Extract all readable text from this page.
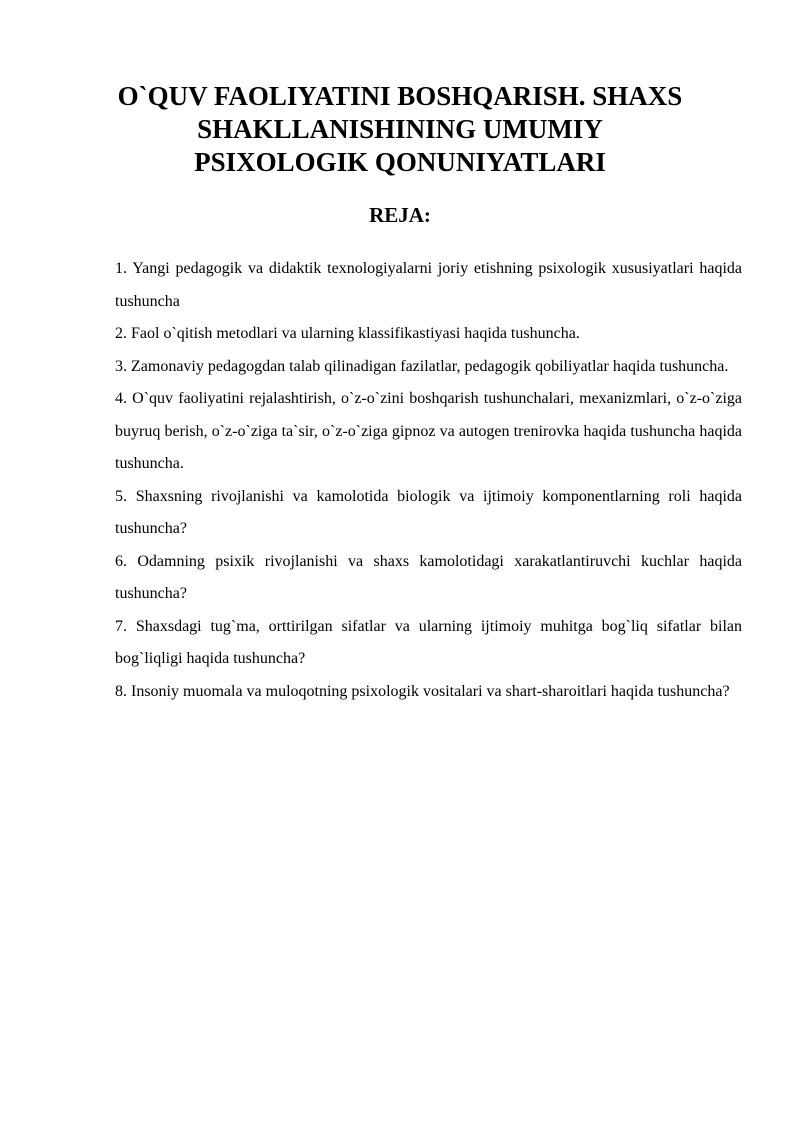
O`QUV FAOLIYATINI BOSHQARISH. SHAXS
SHAKLLANISHINING UMUMIY
PSIXOLOGIK QONUNIYATLARI
REJA:
1. Yangi pedagogik va didaktik texnologiyalarni joriy etishning psixologik xususiyatlari haqida tushuncha
2. Faol o`qitish metodlari va ularning klassifikastiyasi haqida tushuncha.
3. Zamonaviy pedagogdan talab qilinadigan fazilatlar, pedagogik qobiliyatlar haqida tushuncha.
4. O`quv faoliyatini rejalashtirish, o`z-o`zini boshqarish tushunchalari, mexanizmlari, o`z-o`ziga buyruq berish, o`z-o`ziga ta`sir, o`z-o`ziga gipnoz va autogen trenirovka haqida tushuncha haqida tushuncha.
5. Shaxsning rivojlanishi va kamolotida biologik va ijtimoiy komponentlarning roli haqida tushuncha?
6. Odamning psixik rivojlanishi va shaxs kamolotidagi xarakatlantiruvchi kuchlar haqida tushuncha?
7. Shaxsdagi tug`ma, orttirilgan sifatlar va ularning ijtimoiy muhitga bog`liq sifatlar bilan bog`liqligi haqida tushuncha?
8. Insoniy muomala va muloqotning psixologik vositalari va shart-sharoitlari haqida tushuncha?
